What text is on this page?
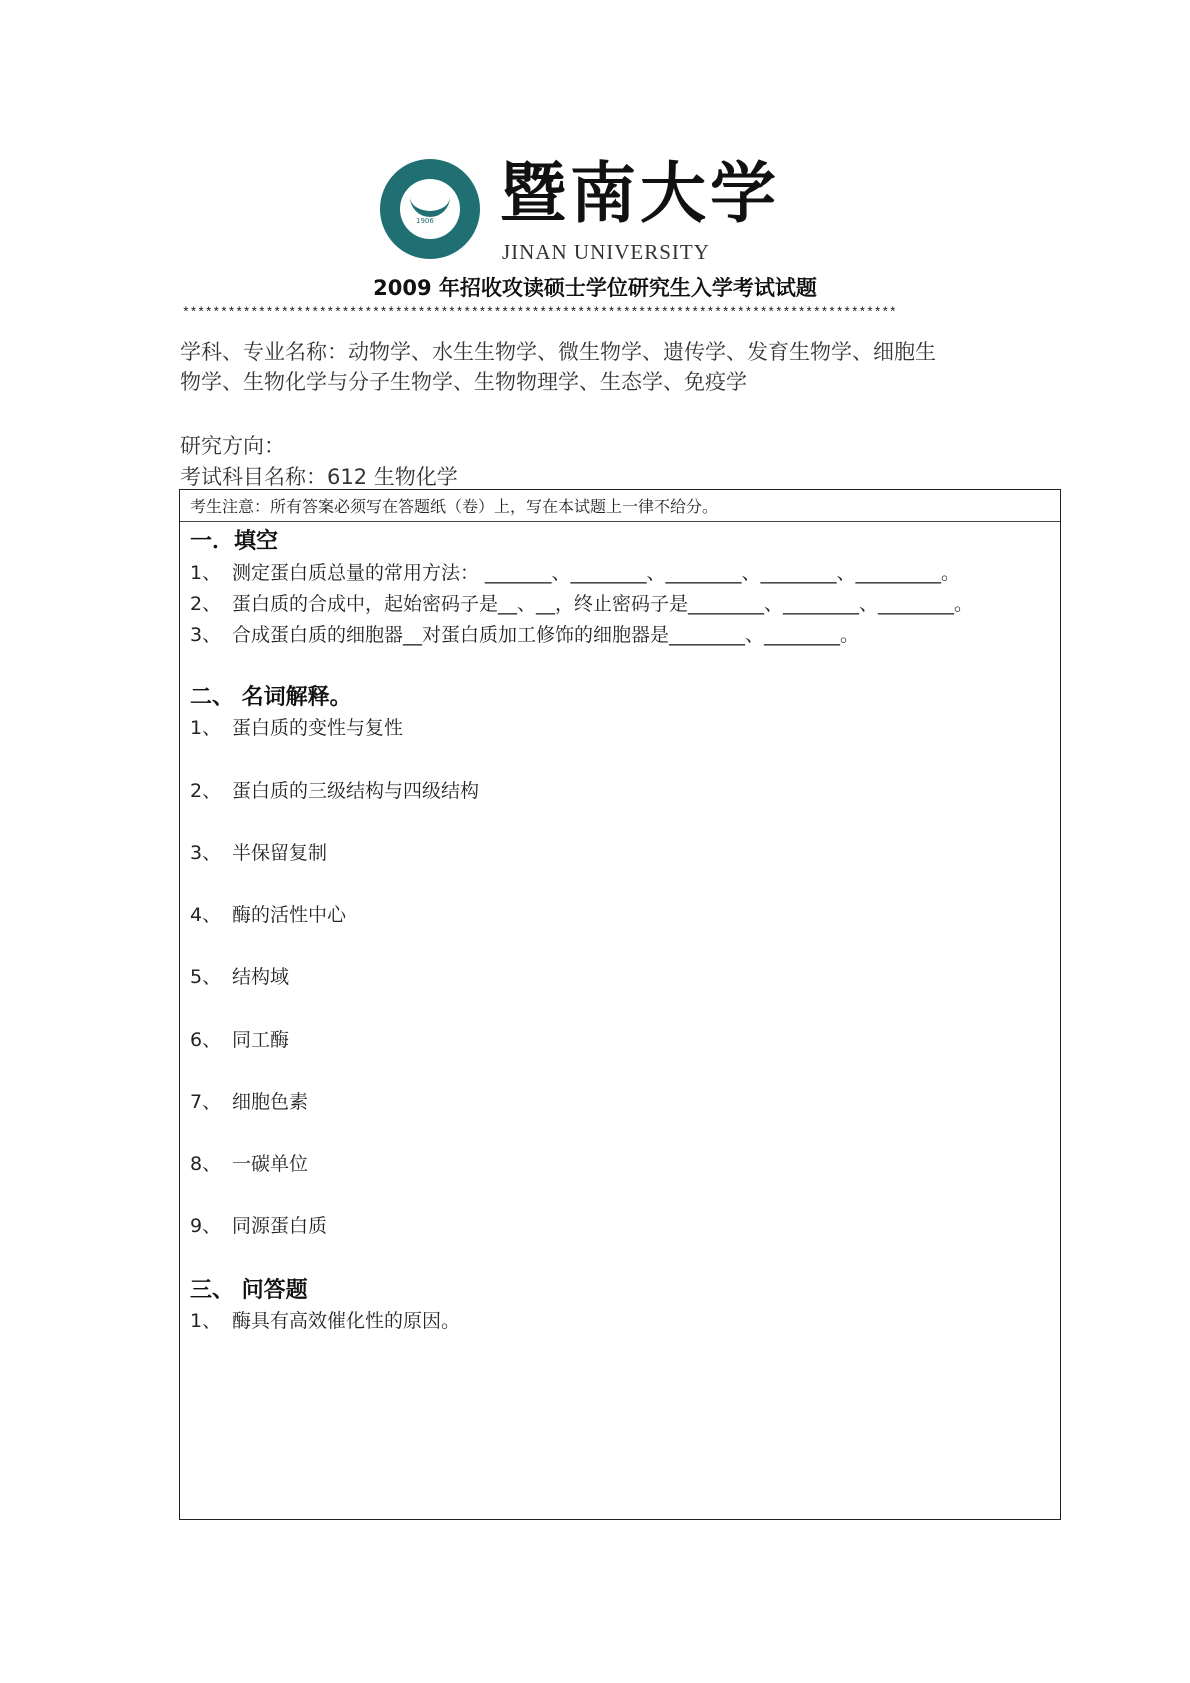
1906 暨南大学
JINAN UNIVERSITY
2009 年招收攻读硕士学位研究生入学考试试题
**********************************************************************************************
学科、专业名称：动物学、水生生物学、微生物学、遗传学、发育生物学、细胞生
物学、生物化学与分子生物学、生物物理学、生态学、免疫学
研究方向：
考试科目名称：612 生物化学
考生注意：所有答案必须写在答题纸（卷）上，写在本试题上一律不给分。
一．填空
1、 测定蛋白质总量的常用方法： _______、________、________、________、_________。
2、 蛋白质的合成中，起始密码子是__、__，终止密码子是________、________、________。
3、 合成蛋白质的细胞器__对蛋白质加工修饰的细胞器是________、________。
二、 名词解释。
1、 蛋白质的变性与复性
2、 蛋白质的三级结构与四级结构
3、 半保留复制
4、 酶的活性中心
5、 结构域
6、 同工酶
7、 细胞色素
8、 一碳单位
9、 同源蛋白质
三、 问答题
1、 酶具有高效催化性的原因。
